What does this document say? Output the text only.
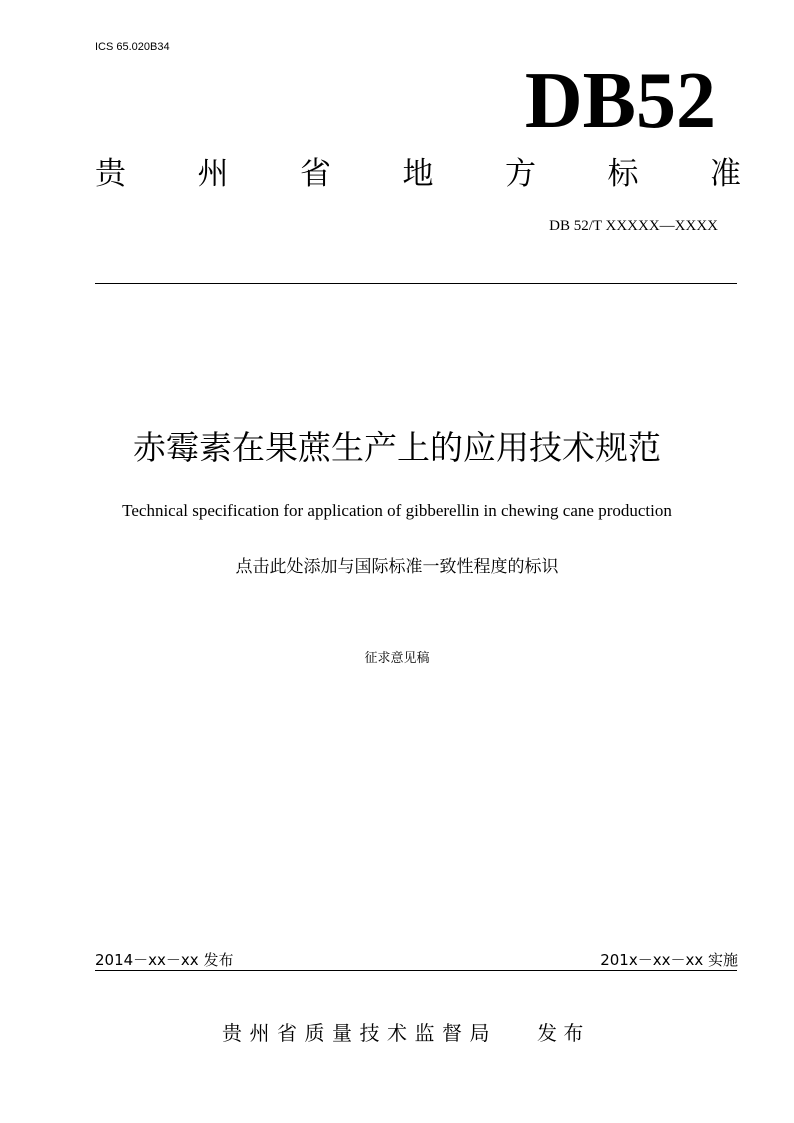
ICS 65.020B34
DB52
贵 州 省 地 方 标 准
DB 52/T XXXXX—XXXX
赤霉素在果蔗生产上的应用技术规范
Technical specification for application of gibberellin in chewing cane production
点击此处添加与国际标准一致性程度的标识
征求意见稿
2014－xx－xx 发布	201x－xx－xx 实施
贵州省质量技术监督局 发 布
